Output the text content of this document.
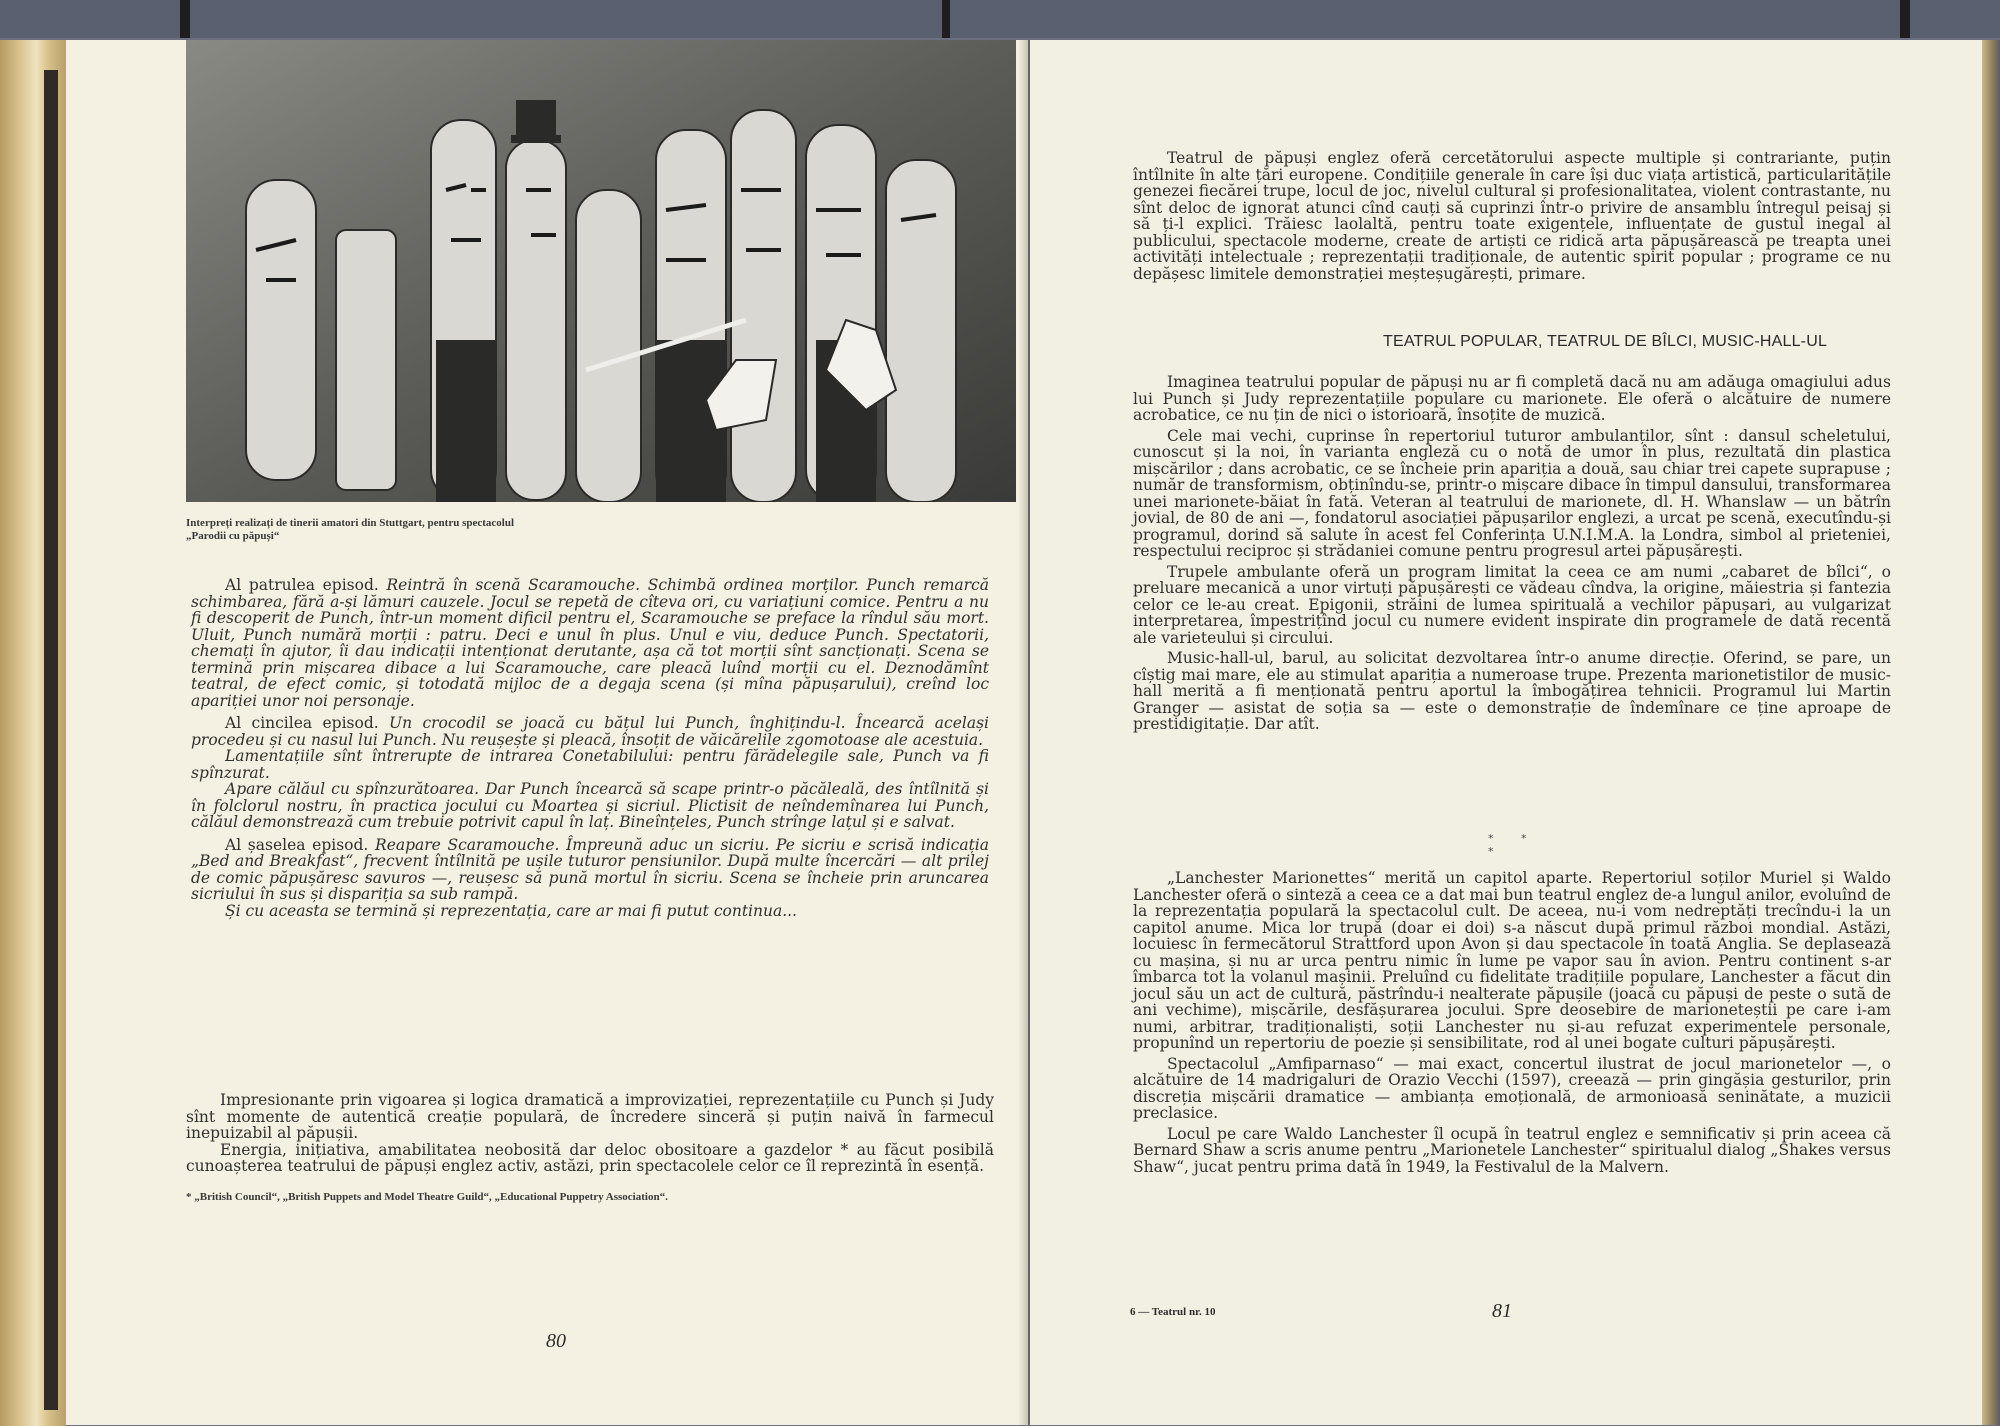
Interpreți realizați de tinerii amatori din Stuttgart, pentru spectacolul
„Parodii cu păpuși“

Al patrulea episod. Reintră în scenă Scaramouche. Schimbă ordinea morților. Punch remarcă schimbarea, fără a-și lămuri cauzele. Jocul se repetă de cîteva ori, cu variațiuni comice. Pentru a nu fi descoperit de Punch, într-un moment dificil pentru el, Scaramouche se preface la rîndul său mort. Uluit, Punch numără morții : patru. Deci e unul în plus. Unul e viu, deduce Punch. Spectatorii, chemați în ajutor, îi dau indicații intenționat derutante, așa că tot morții sînt sancționați. Scena se termină prin mișcarea dibace a lui Scaramouche, care pleacă luînd morții cu el. Deznodămînt teatral, de efect comic, și totodată mijloc de a degaja scena (și mîna păpușarului), creînd loc apariției unor noi personaje.

Al cincilea episod. Un crocodil se joacă cu bățul lui Punch, înghițindu-l. Încearcă același procedeu și cu nasul lui Punch. Nu reușește și pleacă, însoțit de văicărelile zgomotoase ale acestuia.

Lamentațiile sînt întrerupte de intrarea Conetabilului: pentru fărădelegile sale, Punch va fi spînzurat.

Apare călăul cu spînzurătoarea. Dar Punch încearcă să scape printr-o păcăleală, des întîlnită și în folclorul nostru, în practica jocului cu Moartea și sicriul. Plictisit de neîndemînarea lui Punch, călăul demonstrează cum trebuie potrivit capul în laț. Bineînțeles, Punch strînge lațul și e salvat.

Al șaselea episod. Reapare Scaramouche. Împreună aduc un sicriu. Pe sicriu e scrisă indicația „Bed and Breakfast“, frecvent întîlnită pe ușile tuturor pensiunilor. După multe încercări — alt prilej de comic păpușăresc savuros —, reușesc să pună mortul în sicriu. Scena se încheie prin aruncarea sicriului în sus și dispariția sa sub rampă.

Și cu aceasta se termină și reprezentația, care ar mai fi putut continua...

Impresionante prin vigoarea și logica dramatică a improvizației, reprezentațiile cu Punch și Judy sînt momente de autentică creație populară, de încredere sinceră și puțin naivă în farmecul inepuizabil al păpușii.

Energia, inițiativa, amabilitatea neobosită dar deloc obositoare a gazdelor * au făcut posibilă cunoașterea teatrului de păpuși englez activ, astăzi, prin spectacolele celor ce îl reprezintă în esență.

* „British Council“, „British Puppets and Model Theatre Guild“, „Educational Puppetry Association“.
80

Teatrul de păpuși englez oferă cercetătorului aspecte multiple și contrariante, puțin întîlnite în alte țări europene. Condițiile generale în care își duc viața artistică, particularitățile genezei fiecărei trupe, locul de joc, nivelul cultural și profesionalitatea, violent contrastante, nu sînt deloc de ignorat atunci cînd cauți să cuprinzi într-o privire de ansamblu întregul peisaj și să ți-l explici. Trăiesc laolaltă, pentru toate exigențele, influențate de gustul inegal al publicului, spectacole moderne, create de artiști ce ridică arta păpușărească pe treapta unei activități intelectuale ; reprezentații tradiționale, de autentic spirit popular ; programe ce nu depășesc limitele demonstrației meșteșugărești, primare.

TEATRUL POPULAR, TEATRUL DE BÎLCI, MUSIC-HALL-UL

Imaginea teatrului popular de păpuși nu ar fi completă dacă nu am adăuga omagiului adus lui Punch și Judy reprezentațiile populare cu marionete. Ele oferă o alcătuire de numere acrobatice, ce nu țin de nici o istorioară, însoțite de muzică.

Cele mai vechi, cuprinse în repertoriul tuturor ambulanților, sînt : dansul scheletului, cunoscut și la noi, în varianta engleză cu o notă de umor în plus, rezultată din plastica mișcărilor ; dans acrobatic, ce se încheie prin apariția a două, sau chiar trei capete suprapuse ; număr de transformism, obținîndu-se, printr-o mișcare dibace în timpul dansului, transformarea unei marionete-băiat în fată. Veteran al teatrului de marionete, dl. H. Whanslaw — un bătrîn jovial, de 80 de ani —, fondatorul asociației păpușarilor englezi, a urcat pe scenă, executîndu-și programul, dorind să salute în acest fel Conferința U.N.I.M.A. la Londra, simbol al prieteniei, respectului reciproc și strădaniei comune pentru progresul artei păpușărești.

Trupele ambulante oferă un program limitat la ceea ce am numi „cabaret de bîlci“, o preluare mecanică a unor virtuți păpușărești ce vădeau cîndva, la origine, măiestria și fantezia celor ce le-au creat. Epigonii, străini de lumea spiritualǎ a vechilor păpușari, au vulgarizat interpretarea, împestrițînd jocul cu numere evident inspirate din programele de dată recentă ale varieteului și circului.

Music-hall-ul, barul, au solicitat dezvoltarea într-o anume direcție. Oferind, se pare, un cîștig mai mare, ele au stimulat apariția a numeroase trupe. Prezenta marionetistilor de music-hall merită a fi menționată pentru aportul la îmbogățirea tehnicii. Programul lui Martin Granger — asistat de soția sa — este o demonstrație de îndemînare ce ține aproape de prestidigitație. Dar atît.

* * *

„Lanchester Marionettes“ merită un capitol aparte. Repertoriul soților Muriel și Waldo Lanchester oferă o sinteză a ceea ce a dat mai bun teatrul englez de-a lungul anilor, evoluînd de la reprezentația populară la spectacolul cult. De aceea, nu-i vom nedreptăți trecîndu-i la un capitol anume. Mica lor trupă (doar ei doi) s-a născut după primul război mondial. Astăzi, locuiesc în fermecătorul Strattford upon Avon și dau spectacole în toată Anglia. Se deplasează cu mașina, și nu ar urca pentru nimic în lume pe vapor sau în avion. Pentru continent s-ar îmbarca tot la volanul mașinii. Preluînd cu fidelitate tradițiile populare, Lanchester a făcut din jocul său un act de cultură, păstrîndu-i nealterate păpușile (joacă cu păpuși de peste o sută de ani vechime), mișcările, desfășurarea jocului. Spre deosebire de marioneteștii pe care i-am numi, arbitrar, tradiționaliști, soții Lanchester nu și-au refuzat experimentele personale, propunînd un repertoriu de poezie și sensibilitate, rod al unei bogate culturi păpușărești.

Spectacolul „Amfiparnaso“ — mai exact, concertul ilustrat de jocul marionetelor —, o alcătuire de 14 madrigaluri de Orazio Vecchi (1597), creează — prin gingășia gesturilor, prin discreția mișcării dramatice — ambianța emoțională, de armonioasă seninătate, a muzicii preclasice.

Locul pe care Waldo Lanchester îl ocupă în teatrul englez e semnificativ și prin aceea că Bernard Shaw a scris anume pentru „Marionetele Lanchester“ spiritualul dialog „Shakes versus Shaw“, jucat pentru prima dată în 1949, la Festivalul de la Malvern.

6 — Teatrul nr. 10	81
